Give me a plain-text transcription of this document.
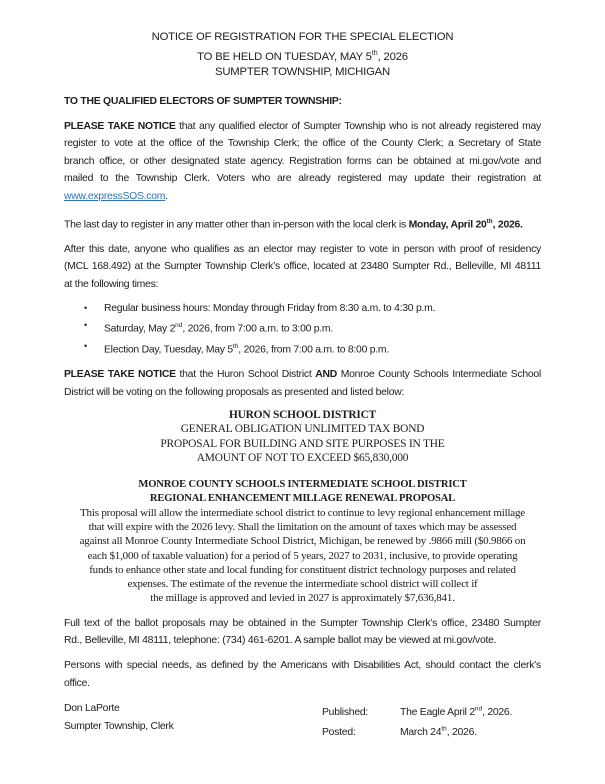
NOTICE OF REGISTRATION FOR THE SPECIAL ELECTION
TO BE HELD ON TUESDAY, MAY 5th, 2026
SUMPTER TOWNSHIP, MICHIGAN
TO THE QUALIFIED ELECTORS OF SUMPTER TOWNSHIP:
PLEASE TAKE NOTICE that any qualified elector of Sumpter Township who is not already registered may
register to vote at the office of the Township Clerk; the office of the County Clerk; a Secretary of State
branch office, or other designated state agency. Registration forms can be obtained at mi.gov/vote and
mailed to the Township Clerk. Voters who are already registered may update their registration at
www.expressSOS.com.
The last day to register in any matter other than in-person with the local clerk is Monday, April 20th, 2026.
After this date, anyone who qualifies as an elector may register to vote in person with proof of residency
(MCL 168.492) at the Sumpter Township Clerk’s office, located at 23480 Sumpter Rd., Belleville, MI 48111
at the following times:
•	Regular business hours: Monday through Friday from 8:30 a.m. to 4:30 p.m.
•	Saturday, May 2nd, 2026, from 7:00 a.m. to 3:00 p.m.
•	Election Day, Tuesday, May 5th, 2026, from 7:00 a.m. to 8:00 p.m.
PLEASE TAKE NOTICE that the Huron School District AND Monroe County Schools Intermediate School
District will be voting on the following proposals as presented and listed below:
HURON SCHOOL DISTRICT
GENERAL OBLIGATION UNLIMITED TAX BOND
PROPOSAL FOR BUILDING AND SITE PURPOSES IN THE
AMOUNT OF NOT TO EXCEED $65,830,000
MONROE COUNTY SCHOOLS INTERMEDIATE SCHOOL DISTRICT
REGIONAL ENHANCEMENT MILLAGE RENEWAL PROPOSAL
This proposal will allow the intermediate school district to continue to levy regional enhancement millage
that will expire with the 2026 levy. Shall the limitation on the amount of taxes which may be assessed
against all Monroe County Intermediate School District, Michigan, be renewed by .9866 mill ($0.9866 on
each $1,000 of taxable valuation) for a period of 5 years, 2027 to 2031, inclusive, to provide operating
funds to enhance other state and local funding for constituent district technology purposes and related
expenses. The estimate of the revenue the intermediate school district will collect if
the millage is approved and levied in 2027 is approximately $7,636,841.
Full text of the ballot proposals may be obtained in the Sumpter Township Clerk’s office, 23480 Sumpter
Rd., Belleville, MI 48111, telephone: (734) 461-6201. A sample ballot may be viewed at mi.gov/vote.
Persons with special needs, as defined by the Americans with Disabilities Act, should contact the clerk’s
office.
Don LaPorte
Sumpter Township, Clerk
Published:	The Eagle April 2nd, 2026.
Posted:	March 24th, 2026.
